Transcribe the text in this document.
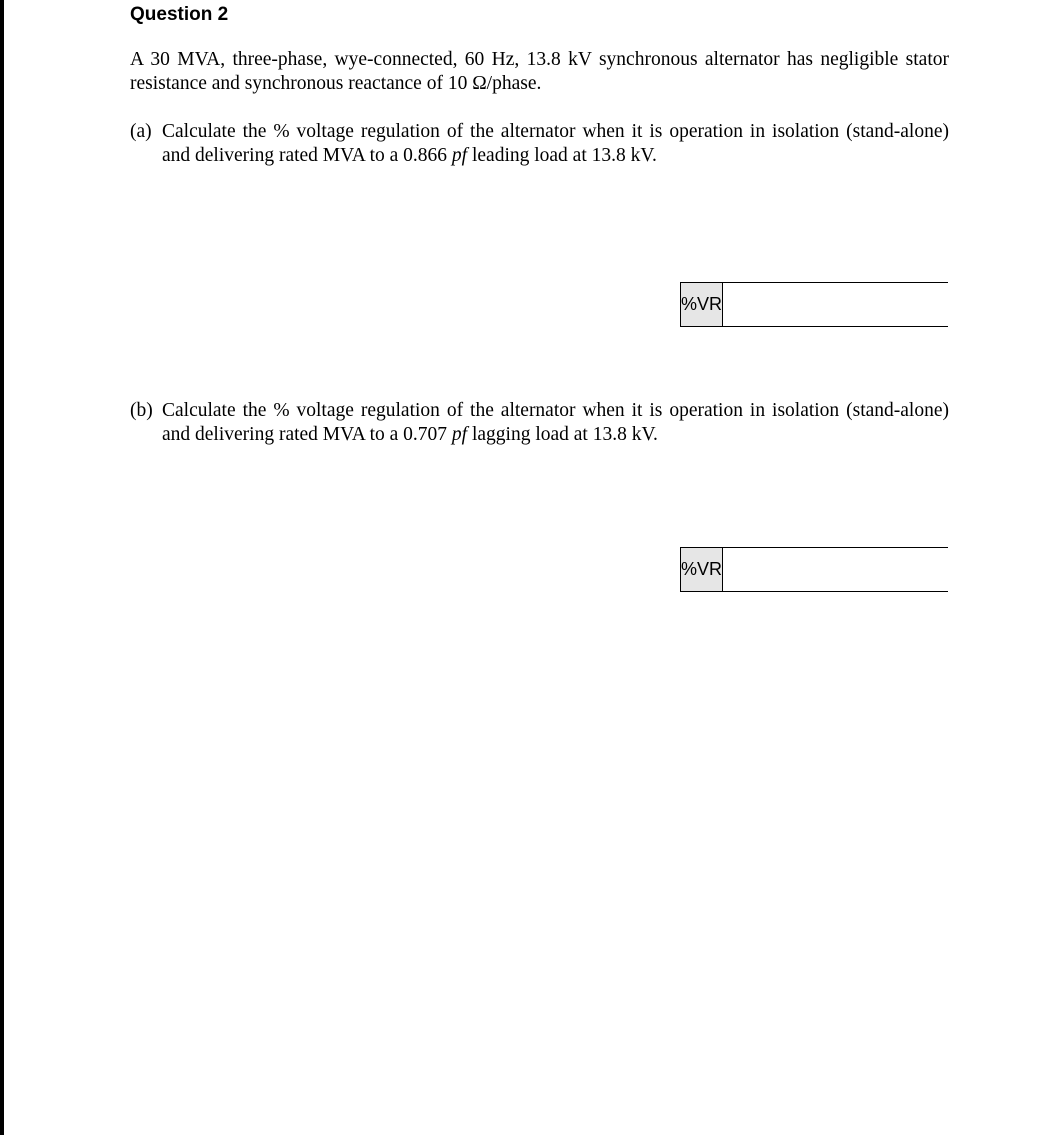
Question 2

A 30 MVA, three-phase, wye-connected, 60 Hz, 13.8 kV synchronous alternator has negligible stator resistance and synchronous reactance of 10 Ω/phase.

(a) Calculate the % voltage regulation of the alternator when it is operation in isolation (stand-alone) and delivering rated MVA to a 0.866 pf leading load at 13.8 kV.

%VR
(b) Calculate the % voltage regulation of the alternator when it is operation in isolation (stand-alone) and delivering rated MVA to a 0.707 pf lagging load at 13.8 kV.

%VR
